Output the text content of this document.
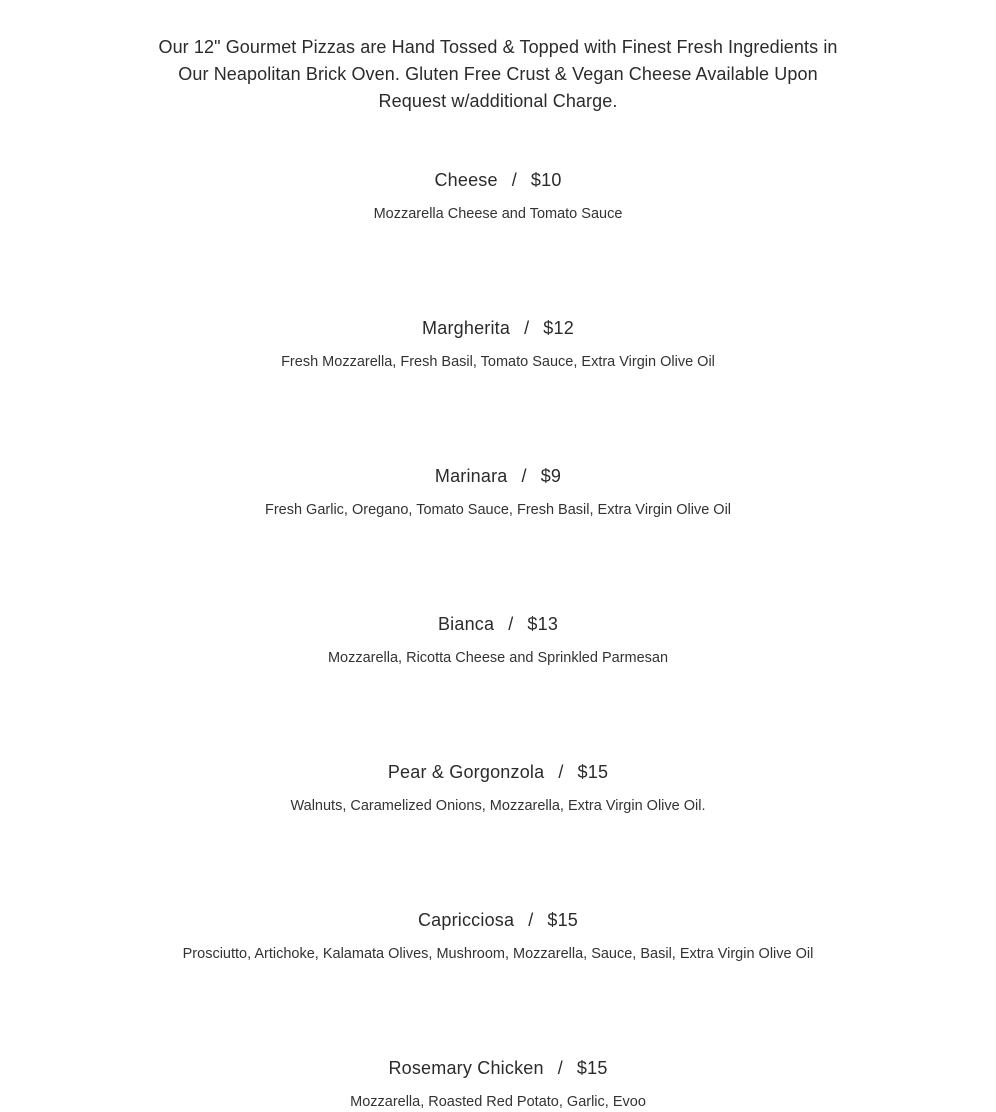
Our 12" Gourmet Pizzas are Hand Tossed & Topped with Finest Fresh Ingredients in Our Neapolitan Brick Oven. Gluten Free Crust & Vegan Cheese Available Upon Request w/additional Charge.

Cheese / $10
Mozzarella Cheese and Tomato Sauce
Margherita / $12
Fresh Mozzarella, Fresh Basil, Tomato Sauce, Extra Virgin Olive Oil
Marinara / $9
Fresh Garlic, Oregano, Tomato Sauce, Fresh Basil, Extra Virgin Olive Oil
Bianca / $13
Mozzarella, Ricotta Cheese and Sprinkled Parmesan
Pear & Gorgonzola / $15
Walnuts, Caramelized Onions, Mozzarella, Extra Virgin Olive Oil.
Capricciosa / $15
Prosciutto, Artichoke, Kalamata Olives, Mushroom, Mozzarella, Sauce, Basil, Extra Virgin Olive Oil
Rosemary Chicken / $15
Mozzarella, Roasted Red Potato, Garlic, Evoo
